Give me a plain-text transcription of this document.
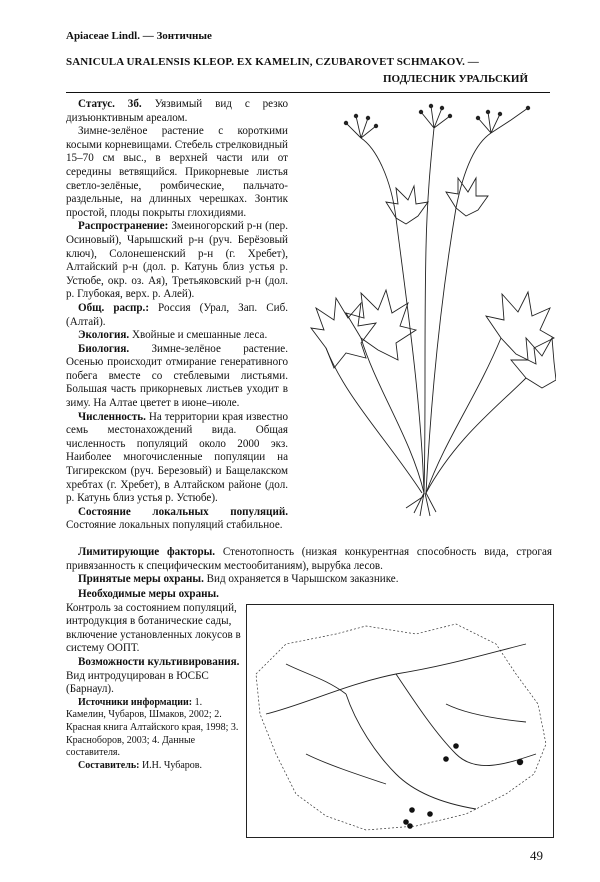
Apiaceae Lindl. — Зонтичные
SANICULA URALENSIS KLEOP. EX KAMELIN, CZUBAROVET SCHMAKOV. —
ПОДЛЕСНИК УРАЛЬСКИЙ

Статус. 3б. Уязвимый вид с резко дизъюнктивным ареалом.

Зимне-зелёное растение с короткими косыми корневищами. Стебель стрелковидный 15–70 см выс., в верхней части или от середины ветвящийся. Прикорневые листья светло-зелёные, ромбические, пальчато-раздельные, на длинных черешках. Зонтик простой, плоды покрыты глохидиями.

Распространение: Змеиногорский р-н (пер. Осиновый), Чарышский р-н (руч. Берёзовый ключ), Солонешенский р-н (г. Хребет), Алтайский р-н (дол. р. Катунь близ устья р. Устюбе, окр. оз. Ая), Третьяковский р-н (дол. р. Глубокая, верх. р. Алей).

Общ. распр.: Россия (Урал, Зап. Сиб. (Алтай).

Экология. Хвойные и смешанные леса.

Биология. Зимне-зелёное растение. Осенью происходит отмирание генеративного побега вместе со стеблевыми листьями. Большая часть прикорневых листьев уходит в зиму. На Алтае цветет в июне–июле.

Численность. На территории края известно семь местонахождений вида. Общая численность популяций около 2000 экз. Наиболее многочисленные популяции на Тигирекском (руч. Березовый) и Бащелакском хребтах (г. Хребет), в Алтайском районе (дол. р. Катунь близ устья р. Устюбе).

Состояние локальных популяций. Состояние локальных популяций стабильное.

Лимитирующие факторы. Стенотопность (низкая конкурентная способность вида, строгая привязанность к специфическим местообитаниям), вырубка лесов.

Принятые меры охраны. Вид охраняется в Чарышском заказнике.

Необходимые меры охраны.

Контроль за состоянием популяций, интродукция в ботанические сады, включение установленных локусов в систему ООПТ.

Возможности культивирования. Вид интродуцирован в ЮСБС (Барнаул).

Источники информации: 1. Камелин, Чубаров, Шмаков, 2002; 2. Красная книга Алтайского края, 1998; 3. Красноборов, 2003; 4. Данные составителя.

Составитель: И.Н. Чубаров.

49
